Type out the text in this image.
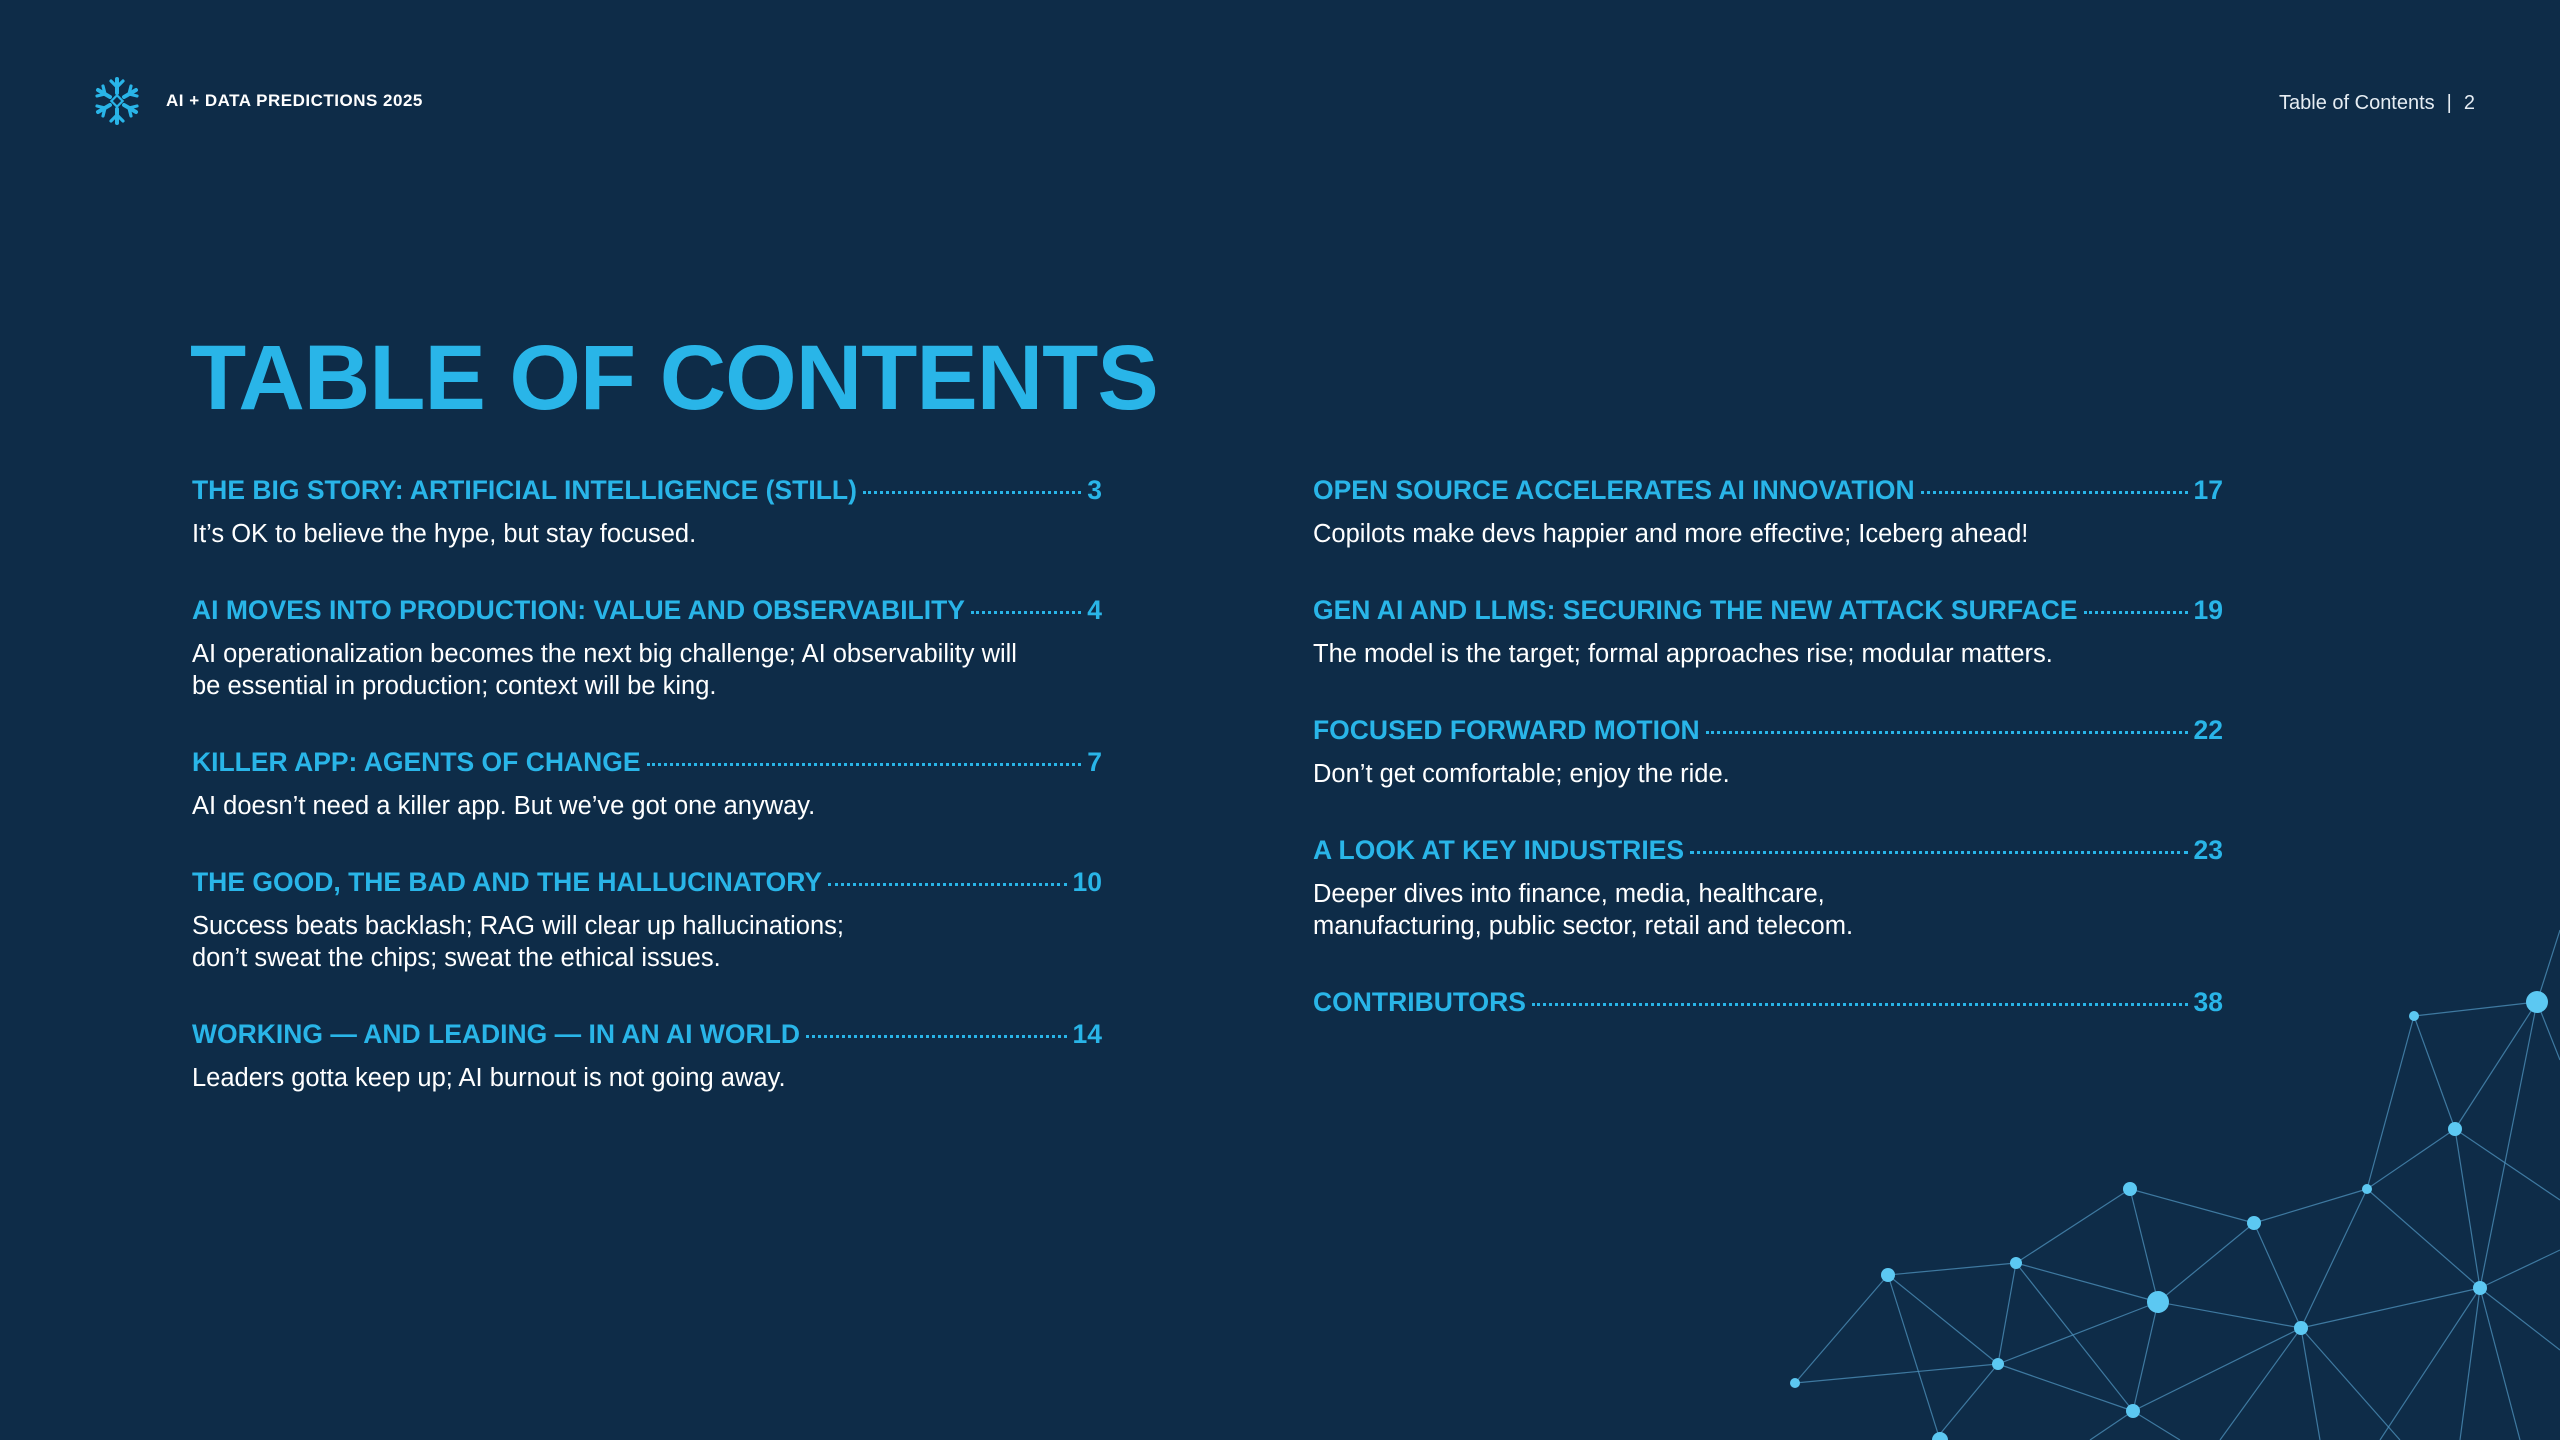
AI + DATA PREDICTIONS 2025	Table of Contents | 2
TABLE OF CONTENTS
THE BIG STORY: ARTIFICIAL INTELLIGENCE (STILL)	3
It’s OK to believe the hype, but stay focused.
AI MOVES INTO PRODUCTION: VALUE AND OBSERVABILITY	4
AI operationalization becomes the next big challenge; AI observability will be essential in production; context will be king.
KILLER APP: AGENTS OF CHANGE	7
AI doesn’t need a killer app. But we’ve got one anyway.
THE GOOD, THE BAD AND THE HALLUCINATORY	10
Success beats backlash; RAG will clear up hallucinations; don’t sweat the chips; sweat the ethical issues.
WORKING — AND LEADING — IN AN AI WORLD	14
Leaders gotta keep up; AI burnout is not going away.
OPEN SOURCE ACCELERATES AI INNOVATION	17
Copilots make devs happier and more effective; Iceberg ahead!
GEN AI AND LLMS: SECURING THE NEW ATTACK SURFACE	19
The model is the target; formal approaches rise; modular matters.
FOCUSED FORWARD MOTION	22
Don’t get comfortable; enjoy the ride.
A LOOK AT KEY INDUSTRIES	23
Deeper dives into finance, media, healthcare, manufacturing, public sector, retail and telecom.
CONTRIBUTORS	38
